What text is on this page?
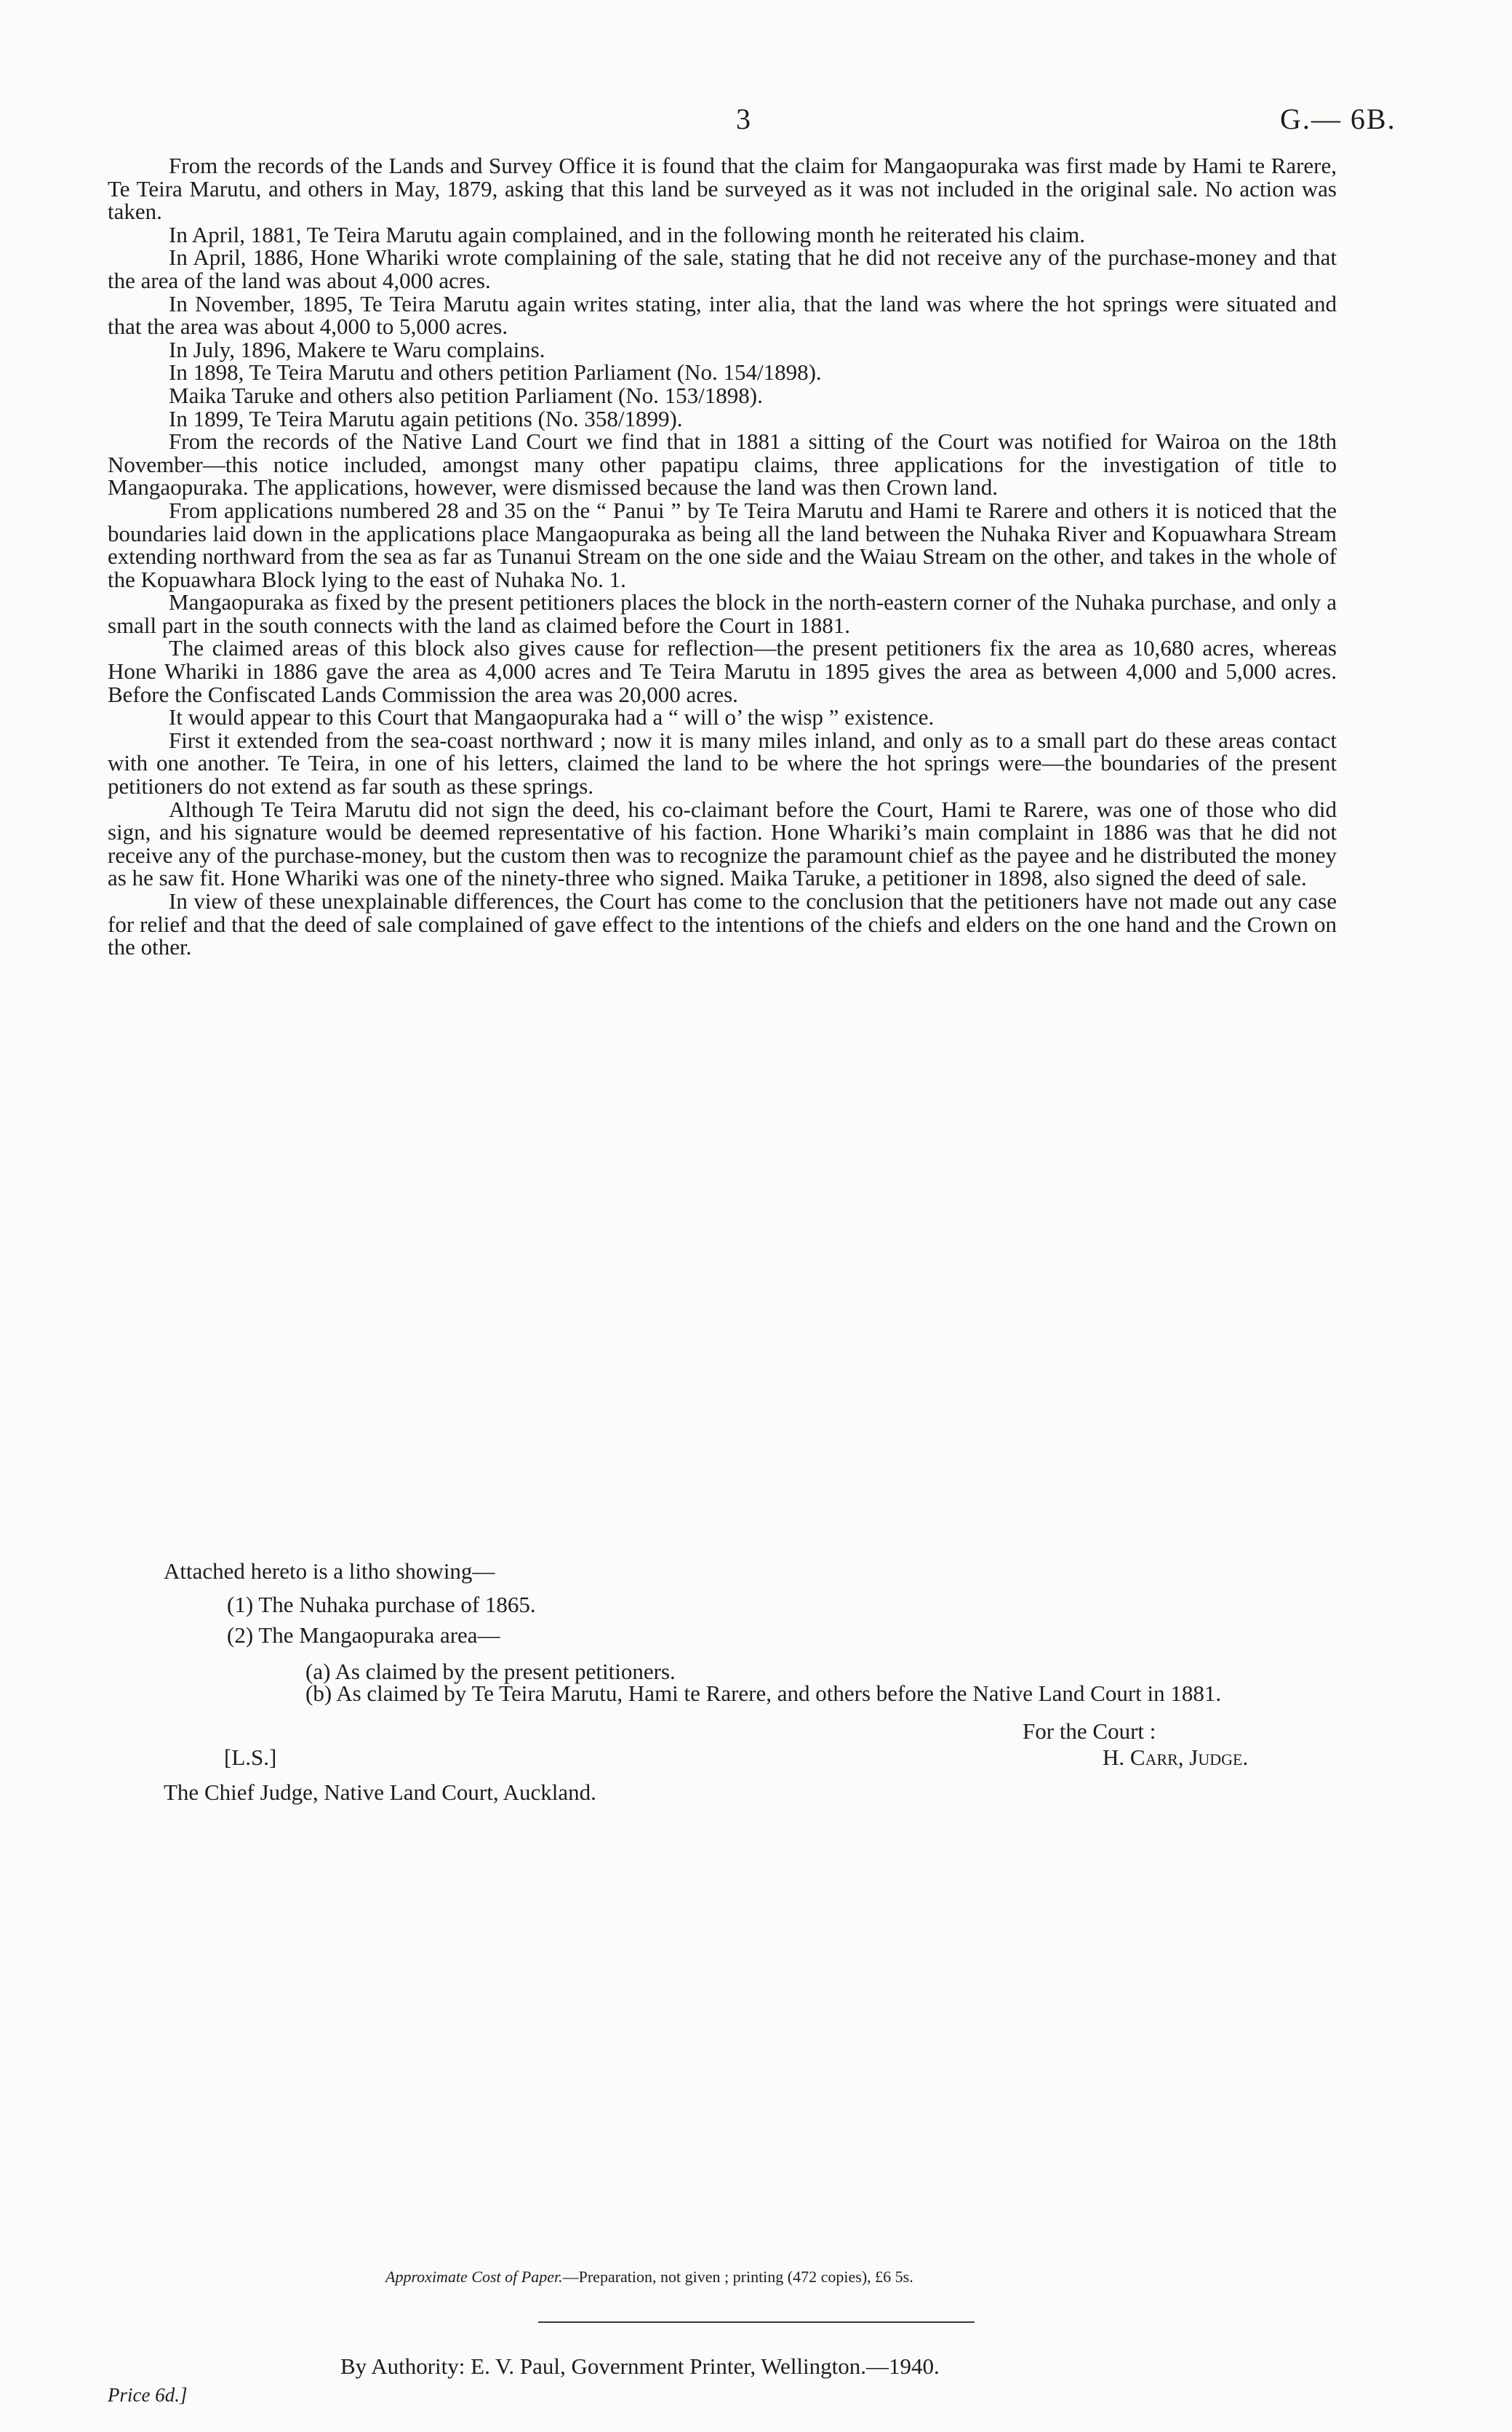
3	G.— 6B.

From the records of the Lands and Survey Office it is found that the claim for Mangaopuraka was first made by Hami te Rarere, Te Teira Marutu, and others in May, 1879, asking that this land be surveyed as it was not included in the original sale. No action was taken.

In April, 1881, Te Teira Marutu again complained, and in the following month he reiterated his claim.

In April, 1886, Hone Whariki wrote complaining of the sale, stating that he did not receive any of the purchase-money and that the area of the land was about 4,000 acres.

In November, 1895, Te Teira Marutu again writes stating, inter alia, that the land was where the hot springs were situated and that the area was about 4,000 to 5,000 acres.

In July, 1896, Makere te Waru complains.

In 1898, Te Teira Marutu and others petition Parliament (No. 154/1898).

Maika Taruke and others also petition Parliament (No. 153/1898).

In 1899, Te Teira Marutu again petitions (No. 358/1899).

From the records of the Native Land Court we find that in 1881 a sitting of the Court was notified for Wairoa on the 18th November—this notice included, amongst many other papatipu claims, three applications for the investigation of title to Mangaopuraka. The applications, however, were dismissed because the land was then Crown land.

From applications numbered 28 and 35 on the “ Panui ” by Te Teira Marutu and Hami te Rarere and others it is noticed that the boundaries laid down in the applications place Mangaopuraka as being all the land between the Nuhaka River and Kopuawhara Stream extending northward from the sea as far as Tunanui Stream on the one side and the Waiau Stream on the other, and takes in the whole of the Kopuawhara Block lying to the east of Nuhaka No. 1.

Mangaopuraka as fixed by the present petitioners places the block in the north-eastern corner of the Nuhaka purchase, and only a small part in the south connects with the land as claimed before the Court in 1881.

The claimed areas of this block also gives cause for reflection—the present petitioners fix the area as 10,680 acres, whereas Hone Whariki in 1886 gave the area as 4,000 acres and Te Teira Marutu in 1895 gives the area as between 4,000 and 5,000 acres. Before the Confiscated Lands Commission the area was 20,000 acres.

It would appear to this Court that Mangaopuraka had a “ will o’ the wisp ” existence.

First it extended from the sea-coast northward ; now it is many miles inland, and only as to a small part do these areas contact with one another. Te Teira, in one of his letters, claimed the land to be where the hot springs were—the boundaries of the present petitioners do not extend as far south as these springs.

Although Te Teira Marutu did not sign the deed, his co-claimant before the Court, Hami te Rarere, was one of those who did sign, and his signature would be deemed representative of his faction. Hone Whariki’s main complaint in 1886 was that he did not receive any of the purchase-money, but the custom then was to recognize the paramount chief as the payee and he distributed the money as he saw fit. Hone Whariki was one of the ninety-three who signed. Maika Taruke, a petitioner in 1898, also signed the deed of sale.

In view of these unexplainable differences, the Court has come to the conclusion that the petitioners have not made out any case for relief and that the deed of sale complained of gave effect to the intentions of the chiefs and elders on the one hand and the Crown on the other.

Attached hereto is a litho showing—
(1) The Nuhaka purchase of 1865.
(2) The Mangaopuraka area—
(a) As claimed by the present petitioners.
(b) As claimed by Te Teira Marutu, Hami te Rarere, and others before the Native Land Court in 1881.
For the Court :
[L.S.]	H. Carr, Judge.
The Chief Judge, Native Land Court, Auckland.
Approximate Cost of Paper.—Preparation, not given ; printing (472 copies), £6 5s.
By Authority: E. V. Paul, Government Printer, Wellington.—1940.
Price 6d.]
